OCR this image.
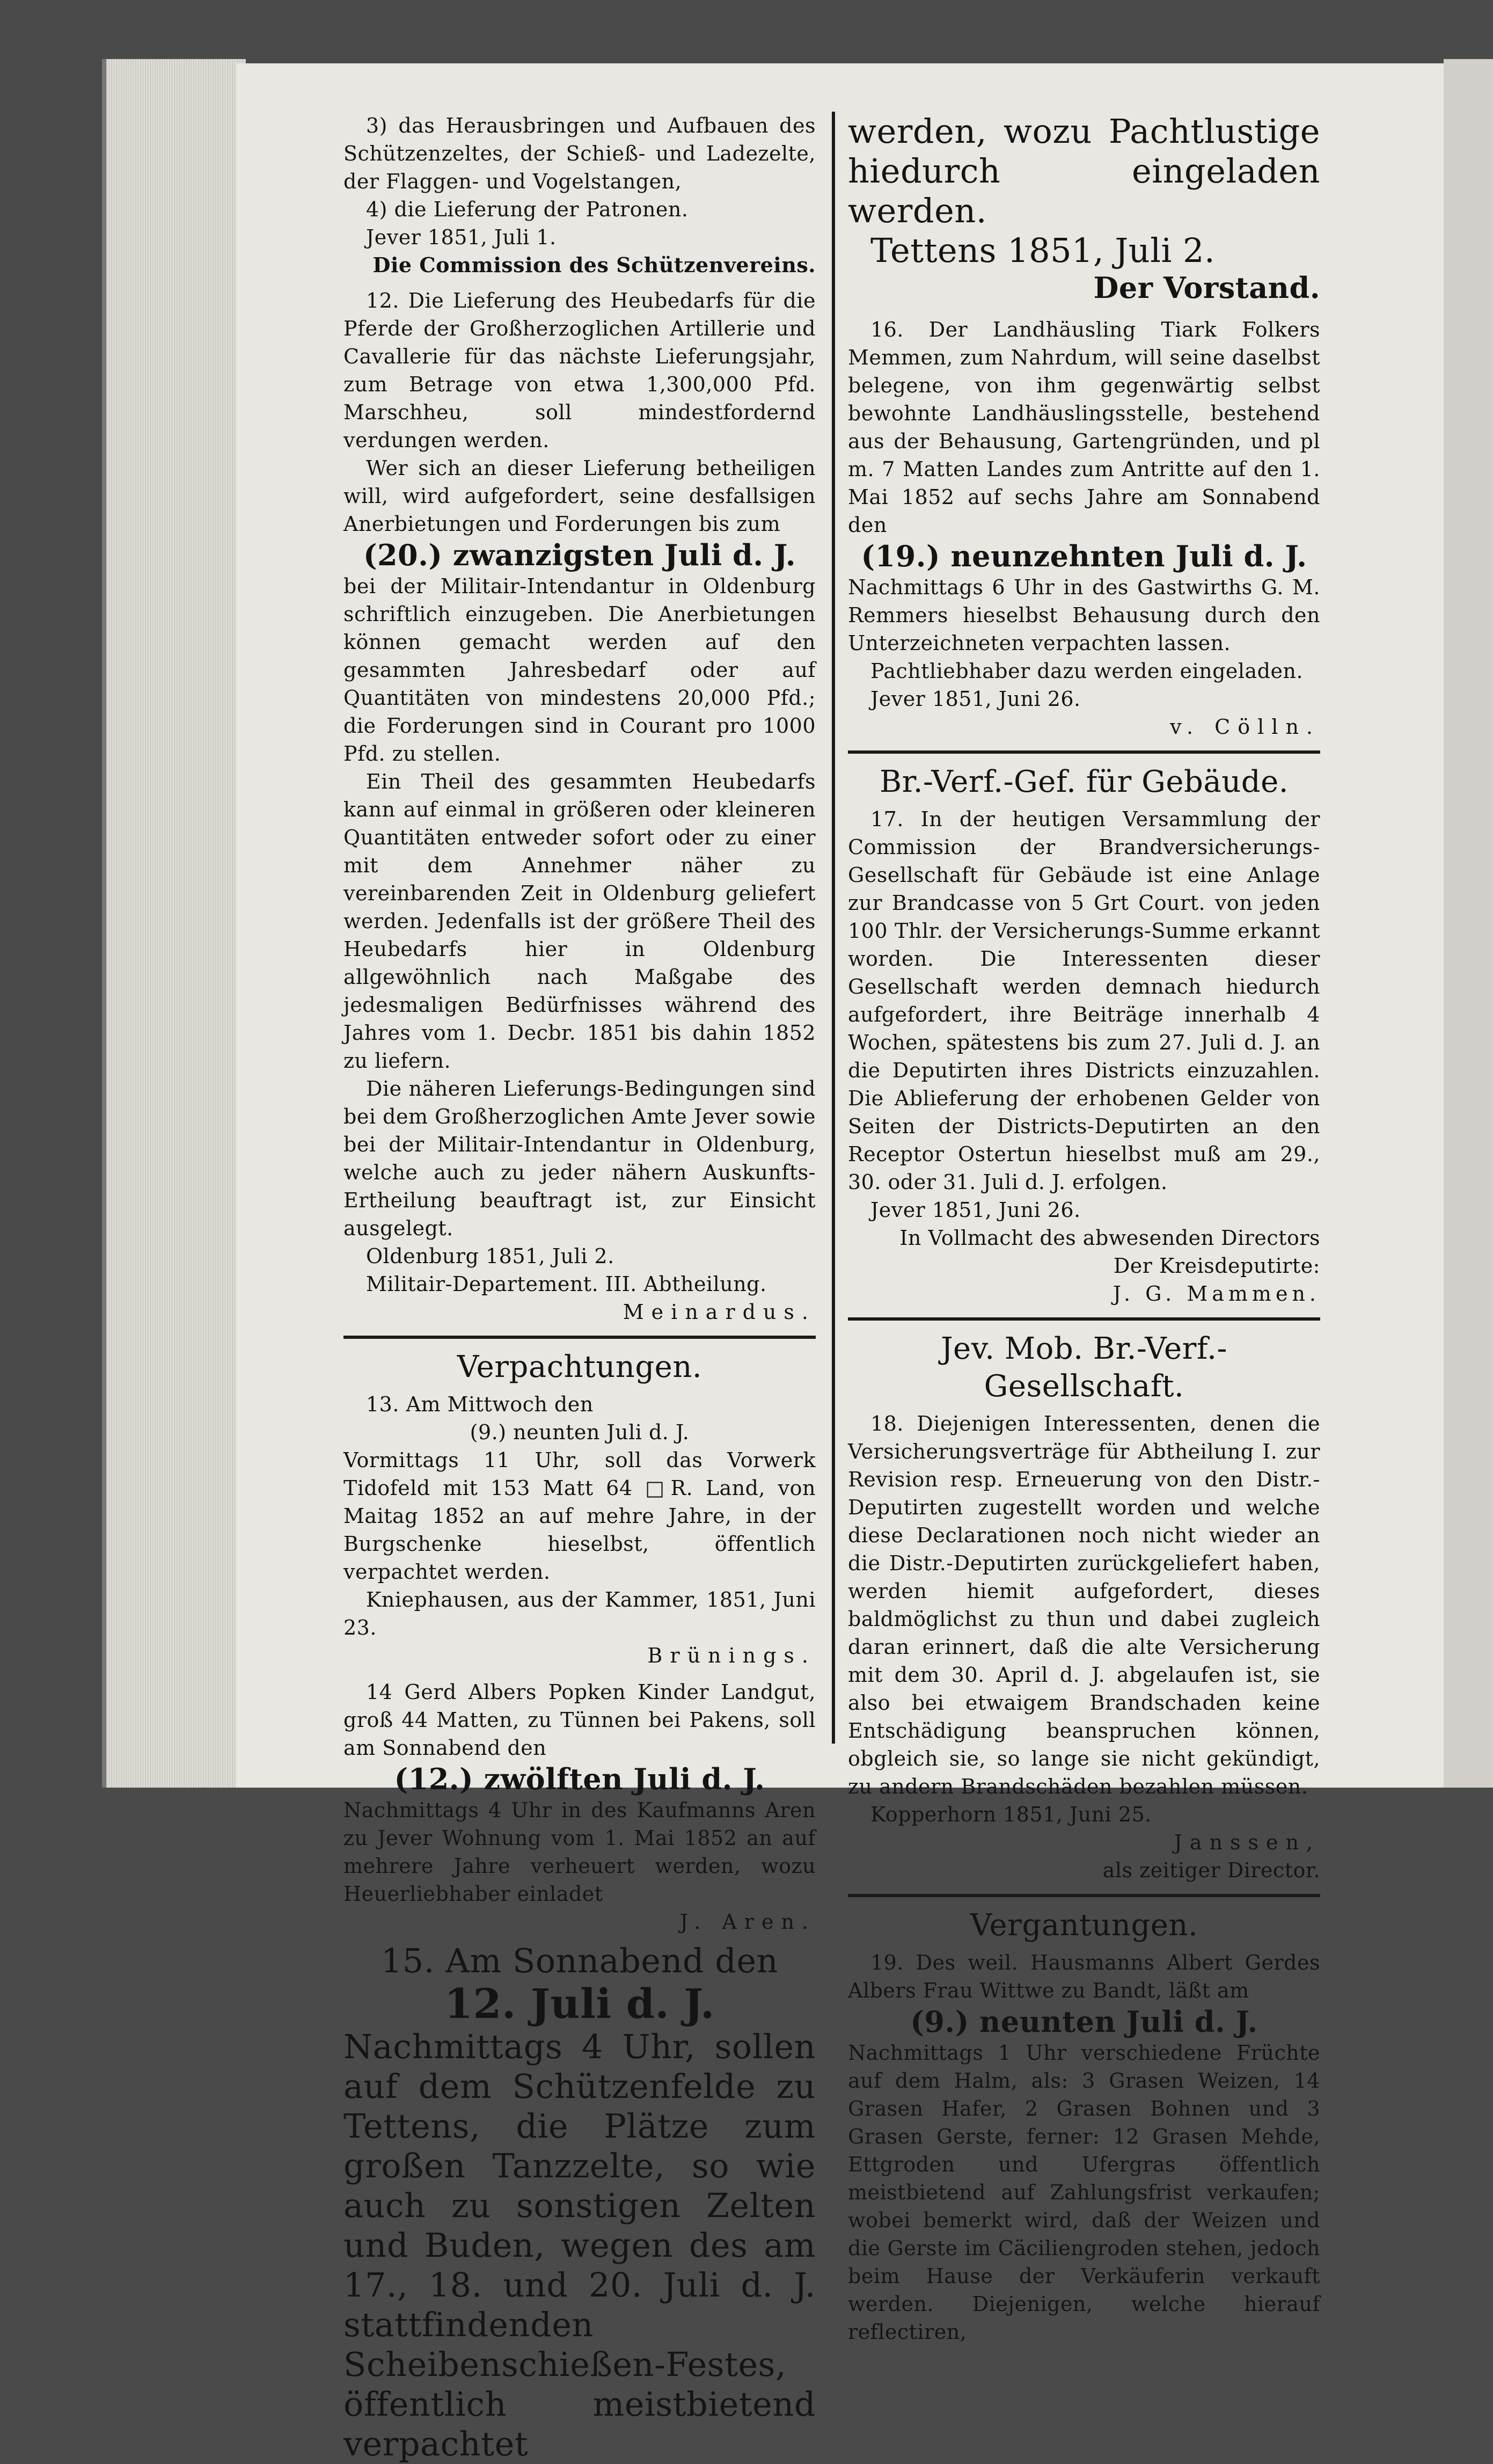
3) das Herausbringen und Aufbauen des Schützenzeltes, der Schieß- und Ladezelte, der Flaggen- und Vogelstangen,

4) die Lieferung der Patronen.

Jever 1851, Juli 1.

Die Commission des Schützenvereins.

12. Die Lieferung des Heubedarfs für die Pferde der Großherzoglichen Artillerie und Cavallerie für das nächste Lieferungsjahr, zum Betrage von etwa 1,300,000 Pfd. Marschheu, soll mindestfordernd verdungen werden.

Wer sich an dieser Lieferung betheiligen will, wird aufgefordert, seine desfallsigen Anerbietungen und Forderungen bis zum

(20.) zwanzigsten Juli d. J.

bei der Militair-Intendantur in Oldenburg schriftlich einzugeben. Die Anerbietungen können gemacht werden auf den gesammten Jahresbedarf oder auf Quantitäten von mindestens 20,000 Pfd.; die Forderungen sind in Courant pro 1000 Pfd. zu stellen.

Ein Theil des gesammten Heubedarfs kann auf einmal in größeren oder kleineren Quantitäten entweder sofort oder zu einer mit dem Annehmer näher zu vereinbarenden Zeit in Oldenburg geliefert werden. Jedenfalls ist der größere Theil des Heubedarfs hier in Oldenburg allgewöhnlich nach Maßgabe des jedesmaligen Bedürfnisses während des Jahres vom 1. Decbr. 1851 bis dahin 1852 zu liefern.

Die näheren Lieferungs-Bedingungen sind bei dem Großherzoglichen Amte Jever sowie bei der Militair-Intendantur in Oldenburg, welche auch zu jeder nähern Auskunfts-Ertheilung beauftragt ist, zur Einsicht ausgelegt.

Oldenburg 1851, Juli 2.

Militair-Departement. III. Abtheilung.

Meinardus.

Verpachtungen.

13. Am Mittwoch den

(9.) neunten Juli d. J.

Vormittags 11 Uhr, soll das Vorwerk Tidofeld mit 153 Matt 64 □R. Land, von Maitag 1852 an auf mehre Jahre, in der Burgschenke hieselbst, öffentlich verpachtet werden.

Kniephausen, aus der Kammer, 1851, Juni 23.

Brünings.

14 Gerd Albers Popken Kinder Landgut, groß 44 Matten, zu Tünnen bei Pakens, soll am Sonnabend den

(12.) zwölften Juli d. J.

Nachmittags 4 Uhr in des Kaufmanns Aren zu Jever Wohnung vom 1. Mai 1852 an auf mehrere Jahre verheuert werden, wozu Heuerliebhaber einladet

J. Aren.

15. Am Sonnabend den

12. Juli d. J.

Nachmittags 4 Uhr, sollen auf dem Schützenfelde zu Tettens, die Plätze zum großen Tanzzelte, so wie auch zu sonstigen Zelten und Buden, wegen des am 17., 18. und 20. Juli d. J. stattfindenden Scheibenschießen-Festes, öffentlich meistbietend verpachtet

werden, wozu Pachtlustige hiedurch eingeladen werden.

Tettens 1851, Juli 2.

Der Vorstand.

16. Der Landhäusling Tiark Folkers Memmen, zum Nahrdum, will seine daselbst belegene, von ihm gegenwärtig selbst bewohnte Landhäuslingsstelle, bestehend aus der Behausung, Gartengründen, und pl m. 7 Matten Landes zum Antritte auf den 1. Mai 1852 auf sechs Jahre am Sonnabend den

(19.) neunzehnten Juli d. J.

Nachmittags 6 Uhr in des Gastwirths G. M. Remmers hieselbst Behausung durch den Unterzeichneten verpachten lassen.

Pachtliebhaber dazu werden eingeladen.

Jever 1851, Juni 26.

v. Cölln.

Br.-Verf.-Gef. für Gebäude.

17. In der heutigen Versammlung der Commission der Brandversicherungs-Gesellschaft für Gebäude ist eine Anlage zur Brandcasse von 5 Grt Court. von jeden 100 Thlr. der Versicherungs-Summe erkannt worden. Die Interessenten dieser Gesellschaft werden demnach hiedurch aufgefordert, ihre Beiträge innerhalb 4 Wochen, spätestens bis zum 27. Juli d. J. an die Deputirten ihres Districts einzuzahlen. Die Ablieferung der erhobenen Gelder von Seiten der Districts-Deputirten an den Receptor Ostertun hieselbst muß am 29., 30. oder 31. Juli d. J. erfolgen.

Jever 1851, Juni 26.

In Vollmacht des abwesenden Directors

Der Kreisdeputirte:

J. G. Mammen.

Jev. Mob. Br.-Verf.-Gesellschaft.

18. Diejenigen Interessenten, denen die Versicherungsverträge für Abtheilung I. zur Revision resp. Erneuerung von den Distr.-Deputirten zugestellt worden und welche diese Declarationen noch nicht wieder an die Distr.-Deputirten zurückgeliefert haben, werden hiemit aufgefordert, dieses baldmöglichst zu thun und dabei zugleich daran erinnert, daß die alte Versicherung mit dem 30. April d. J. abgelaufen ist, sie also bei etwaigem Brandschaden keine Entschädigung beanspruchen können, obgleich sie, so lange sie nicht gekündigt, zu andern Brandschäden bezahlen müssen.

Kopperhorn 1851, Juni 25.

Janssen,

als zeitiger Director.

Vergantungen.

19. Des weil. Hausmanns Albert Gerdes Albers Frau Wittwe zu Bandt, läßt am

(9.) neunten Juli d. J.

Nachmittags 1 Uhr verschiedene Früchte auf dem Halm, als: 3 Grasen Weizen, 14 Grasen Hafer, 2 Grasen Bohnen und 3 Grasen Gerste, ferner: 12 Grasen Mehde, Ettgroden und Ufergras öffentlich meistbietend auf Zahlungsfrist verkaufen; wobei bemerkt wird, daß der Weizen und die Gerste im Cäciliengroden stehen, jedoch beim Hause der Verkäuferin verkauft werden. Diejenigen, welche hierauf reflectiren,
